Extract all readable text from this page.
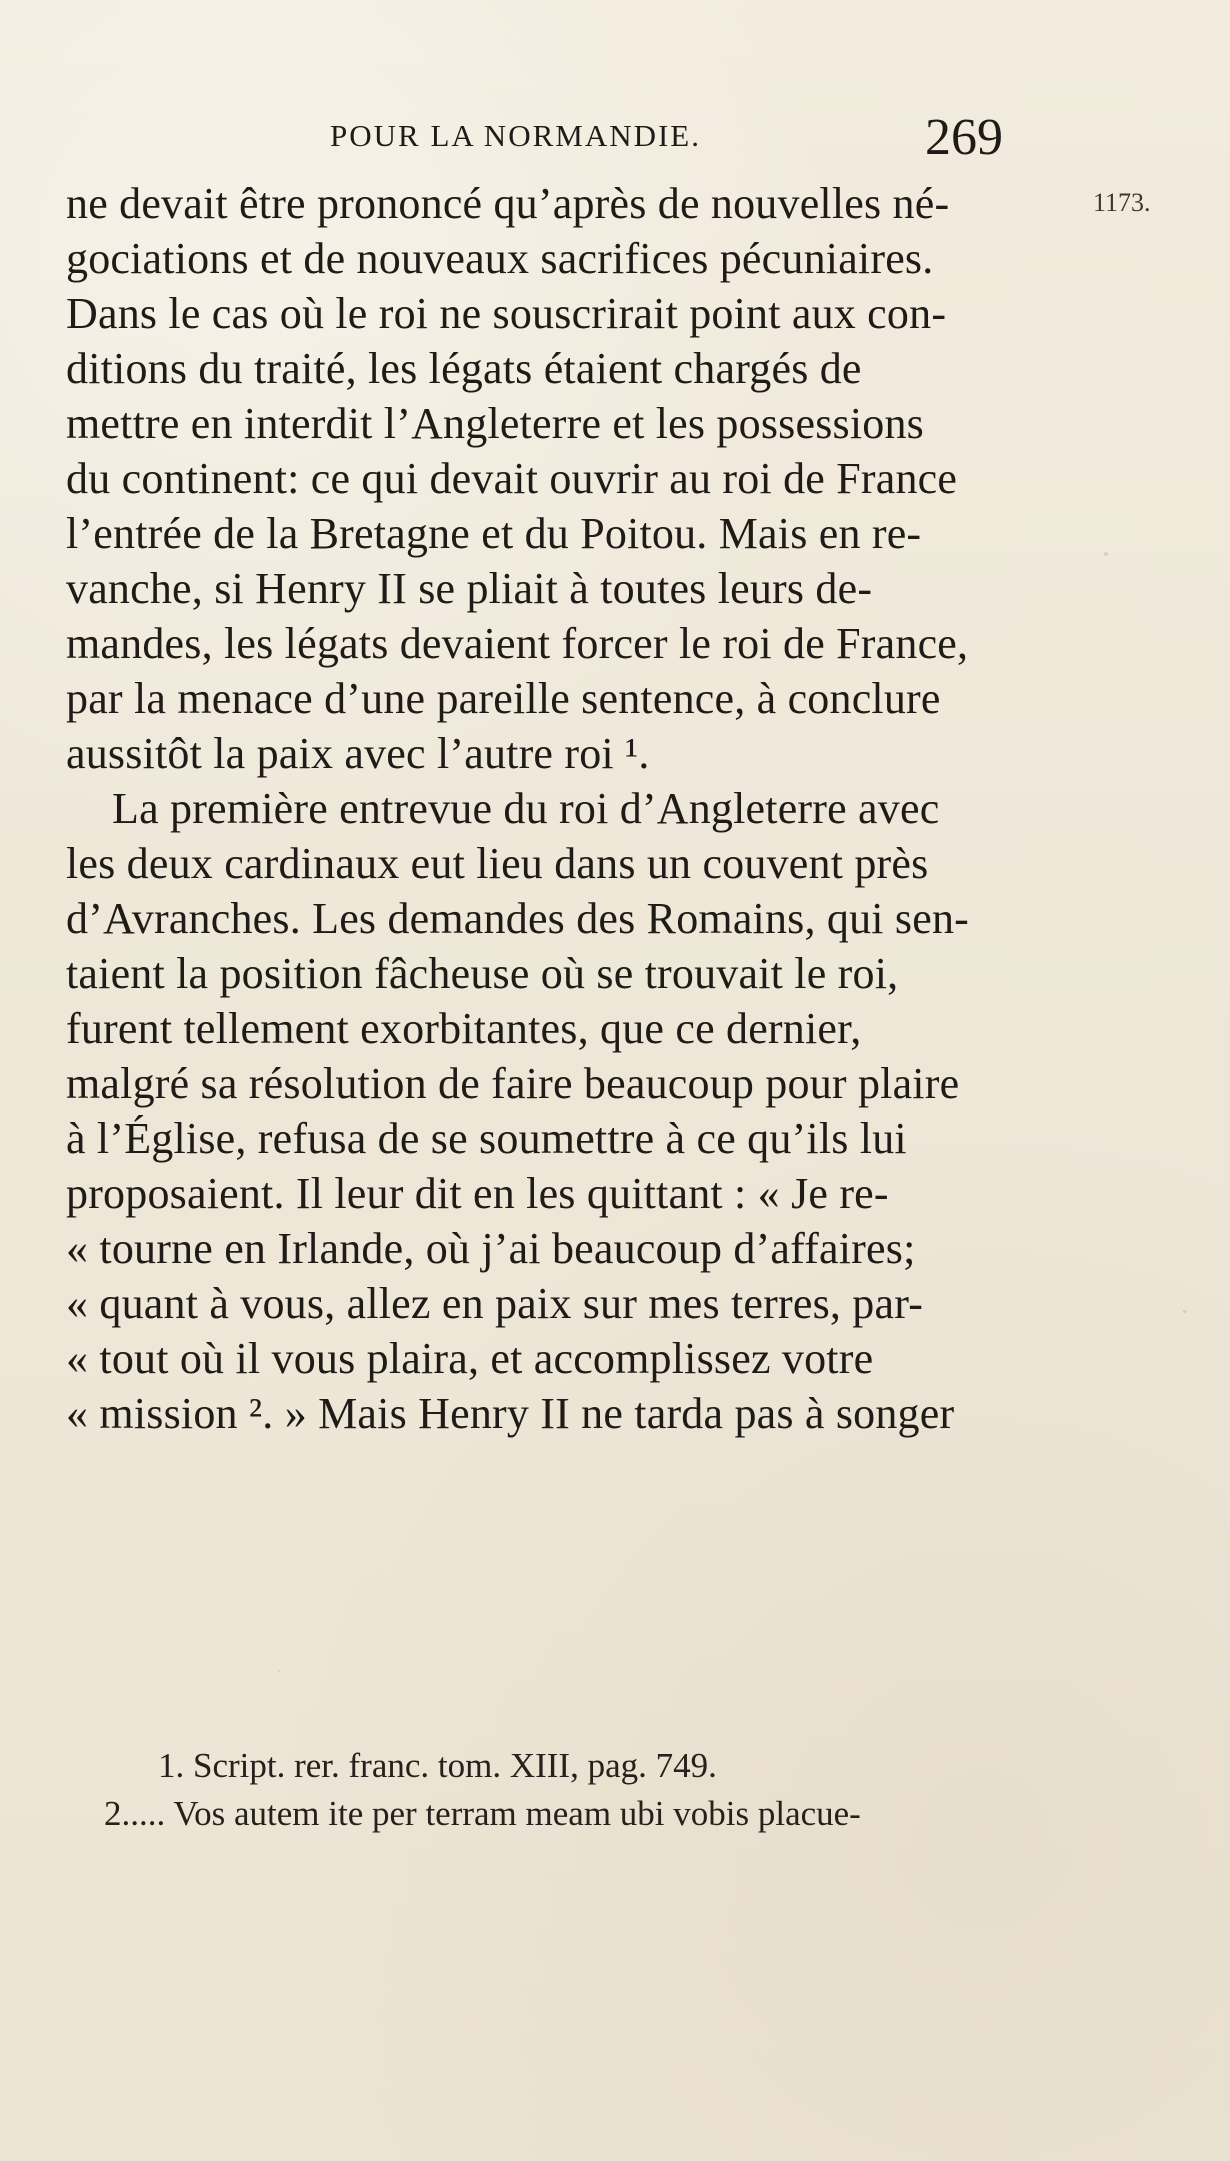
POUR LA NORMANDIE.	269
1173.
ne devait être prononcé qu’après de nouvelles né-
gociations et de nouveaux sacrifices pécuniaires.
Dans le cas où le roi ne souscrirait point aux con-
ditions du traité, les légats étaient chargés de
mettre en interdit l’Angleterre et les possessions
du continent: ce qui devait ouvrir au roi de France
l’entrée de la Bretagne et du Poitou. Mais en re-
vanche, si Henry II se pliait à toutes leurs de-
mandes, les légats devaient forcer le roi de France,
par la menace d’une pareille sentence, à conclure
aussitôt la paix avec l’autre roi ¹.
La première entrevue du roi d’Angleterre avec
les deux cardinaux eut lieu dans un couvent près
d’Avranches. Les demandes des Romains, qui sen-
taient la position fâcheuse où se trouvait le roi,
furent tellement exorbitantes, que ce dernier,
malgré sa résolution de faire beaucoup pour plaire
à l’Église, refusa de se soumettre à ce qu’ils lui
proposaient. Il leur dit en les quittant : « Je re-
« tourne en Irlande, où j’ai beaucoup d’affaires;
« quant à vous, allez en paix sur mes terres, par-
« tout où il vous plaira, et accomplissez votre
« mission ². » Mais Henry II ne tarda pas à songer
1. Script. rer. franc. tom. XIII, pag. 749.
2..... Vos autem ite per terram meam ubi vobis placue-
